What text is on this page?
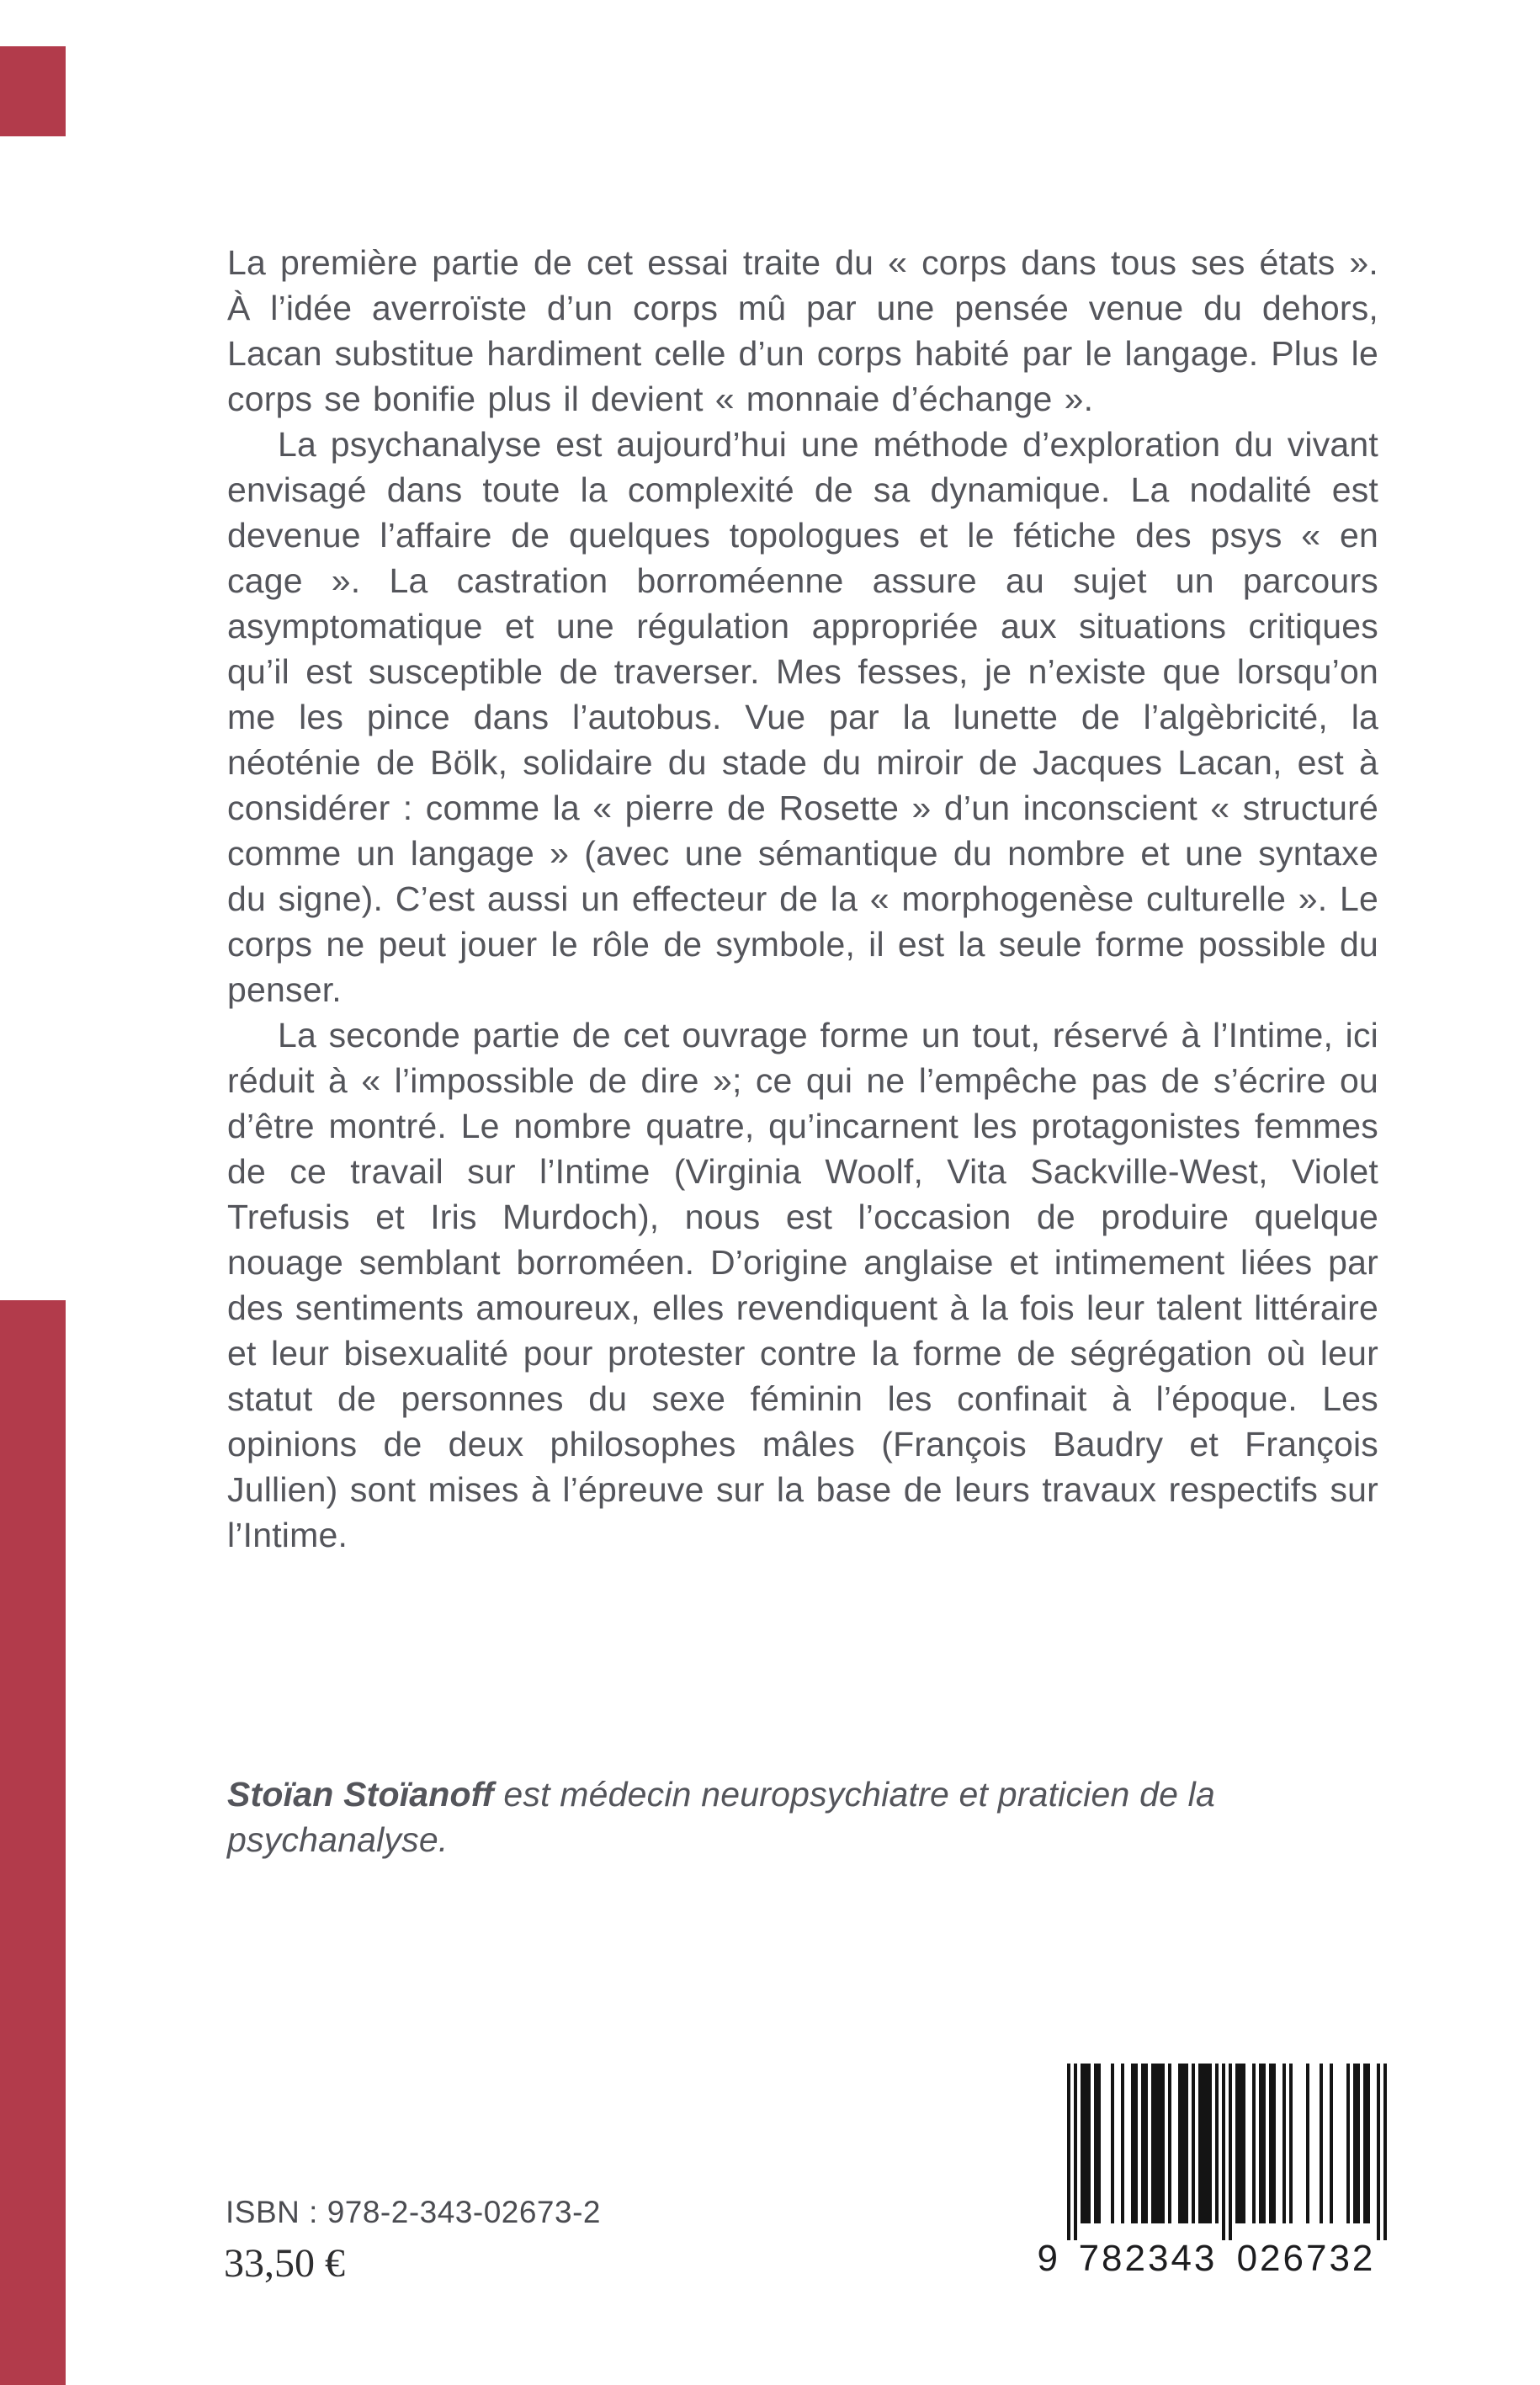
La première partie de cet essai traite du « corps dans tous ses états ». À l’idée averroïste d’un corps mû par une pensée venue du dehors, Lacan substitue hardiment celle d’un corps habité par le langage. Plus le corps se bonifie plus il devient « monnaie d’échange ».

La psychanalyse est aujourd’hui une méthode d’exploration du vivant envisagé dans toute la complexité de sa dynamique. La nodalité est devenue l’affaire de quelques topologues et le fétiche des psys « en cage ». La castration borroméenne assure au sujet un parcours asymptomatique et une régulation appropriée aux situations critiques qu’il est susceptible de traverser. Mes fesses, je n’existe que lorsqu’on me les pince dans l’autobus. Vue par la lunette de l’algèbricité, la néoténie de Bölk, solidaire du stade du miroir de Jacques Lacan, est à considérer : comme la « pierre de Rosette » d’un inconscient « structuré comme un langage » (avec une sémantique du nombre et une syntaxe du signe). C’est aussi un effecteur de la « morphogenèse culturelle ». Le corps ne peut jouer le rôle de symbole, il est la seule forme possible du penser.

La seconde partie de cet ouvrage forme un tout, réservé à l’Intime, ici réduit à « l’impossible de dire »; ce qui ne l’empêche pas de s’écrire ou d’être montré. Le nombre quatre, qu’incarnent les protagonistes femmes de ce travail sur l’Intime (Virginia Woolf, Vita Sackville-West, Violet Trefusis et Iris Murdoch), nous est l’occasion de produire quelque nouage semblant borroméen. D’origine anglaise et intimement liées par des sentiments amoureux, elles revendiquent à la fois leur talent littéraire et leur bisexualité pour protester contre la forme de ségrégation où leur statut de personnes du sexe féminin les confinait à l’époque. Les opinions de deux philosophes mâles (François Baudry et François Jullien) sont mises à l’épreuve sur la base de leurs travaux respectifs sur l’Intime.

Stoïan Stoïanoff est médecin neuropsychiatre et praticien de la psychanalyse.
ISBN : 978-2-343-02673-2
33,50 €	9 782343 026732
